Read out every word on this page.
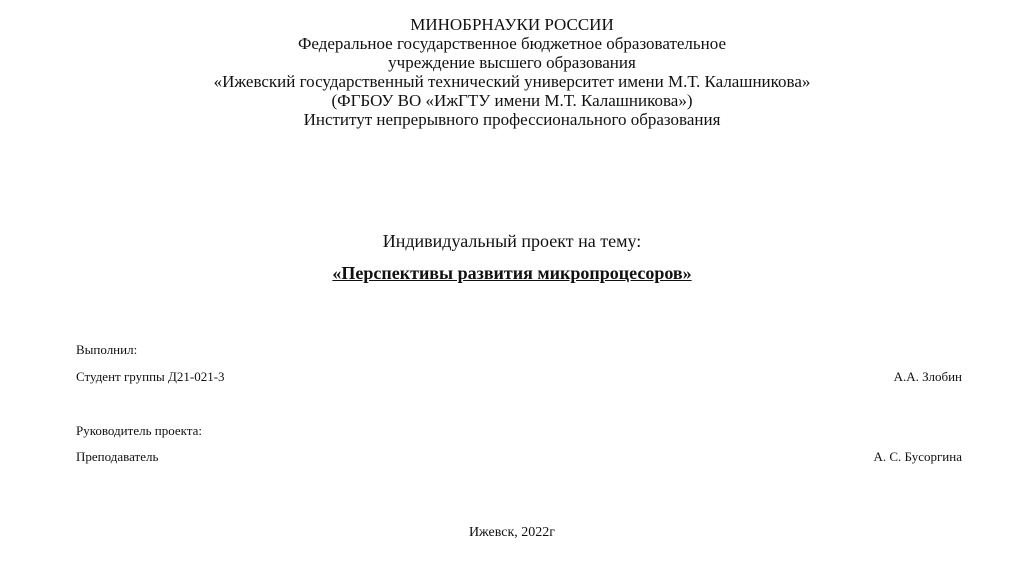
МИНОБРНАУКИ РОССИИ
Федеральное государственное бюджетное образовательное
учреждение высшего образования
«Ижевский государственный технический университет имени М.Т. Калашникова»
(ФГБОУ ВО «ИжГТУ имени М.Т. Калашникова»)
Институт непрерывного профессионального образования
Индивидуальный проект на тему:
«Перспективы развития микропроцесоров»
Выполнил:
Студент группы Д21-021-3	А.А. Злобин
Руководитель проекта:
Преподаватель	А. С. Бусоргина
Ижевск, 2022г
